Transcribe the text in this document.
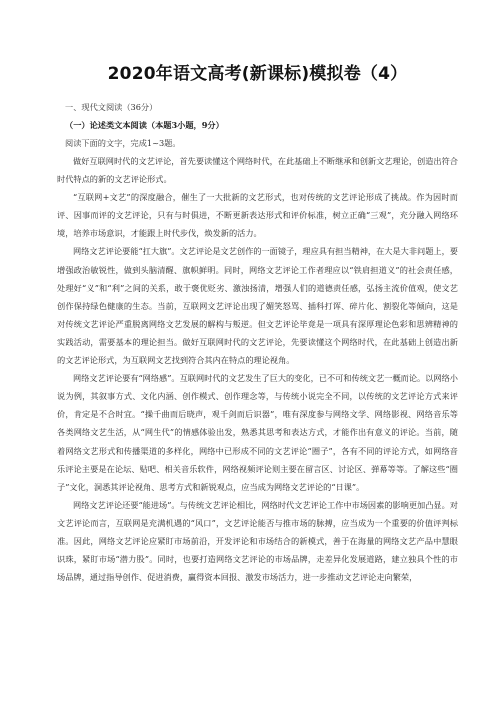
2020年语文高考(新课标)模拟卷（4）

一、现代文阅读（36分）

（一）论述类文本阅读（本题3小题，9分）

阅读下面的文字，完成1~3题。

做好互联网时代的文艺评论，首先要读懂这个网络时代，在此基础上不断继承和创新文艺理论，创造出符合时代特点的新的文艺评论形式。

“互联网+文艺”的深度融合，催生了一大批新的文艺形式，也对传统的文艺评论形成了挑战。作为因时而评、因事而评的文艺评论，只有与时俱进，不断更新表达形式和评价标准，树立正确“三观”，充分融入网络环境，培养市场意识，才能跟上时代步伐，焕发新的活力。

网络文艺评论要能“扛大旗”。文艺评论是文艺创作的一面镜子，理应具有担当精神，在大是大非问题上，要增强政治敏锐性，做到头脑清醒、旗帜鲜明。同时，网络文艺评论工作者理应以“铁肩担道义”的社会责任感，处理好“义”和“利”之间的关系，敢于褒优贬劣、激浊扬清，增强人们的道德责任感，弘扬主流价值观，使文艺创作保持绿色健康的生态。当前，互联网文艺评论出现了媚笑怒骂、插科打诨、碎片化、割裂化等倾向，这是对传统文艺评论严重脱离网络文艺发展的解构与叛逆。但文艺评论毕竟是一项具有深厚理论色彩和思辨精神的实践活动，需要基本的理论担当。做好互联网时代的文艺评论，先要读懂这个网络时代，在此基础上创造出新的文艺评论形式，为互联网文艺找到符合其内在特点的理论视角。

网络文艺评论要有“网络感”。互联网时代的文艺发生了巨大的变化，已不可和传统文艺一概而论。以网络小说为例，其叙事方式、文化内涵、创作模式、创作理念等，与传统小说完全不同，以传统的文艺评论方式来评价，肯定是不合时宜。“操千曲而后晓声，观千剑而后识器”，唯有深度参与网络文学、网络影视、网络音乐等各类网络文艺生活，从“网生代”的情感体验出发，熟悉其思考和表达方式，才能作出有意义的评论。当前，随着网络文艺形式和传播渠道的多样化，网络中已形成不同的文艺评论“圈子”，各有不同的评论方式，如网络音乐评论主要是在论坛、贴吧、相关音乐软件，网络视频评论则主要在留言区、讨论区、弹幕等等。了解这些“圈子”文化，洞悉其评论视角、思考方式和新锐观点，应当成为网络文艺评论的“日课”。

网络文艺评论还要“能进场”。与传统文艺评论相比，网络时代文艺评论工作中市场因素的影响更加凸显。对文艺评论而言，互联网是充满机遇的“风口”，文艺评论能否与推市场的脉搏，应当成为一个重要的价值评判标准。因此，网络文艺评论应紧盯市场前沿，开发评论和市场结合的新模式，善于在海量的网络文艺产品中慧眼识珠，紧盯市场“潜力股”。同时，也要打造网络文艺评论的市场品牌，走差异化发展道路，建立独具个性的市场品牌，通过指导创作、促进消费，赢得资本回报、激发市场活力，进一步推动文艺评论走向繁荣，
